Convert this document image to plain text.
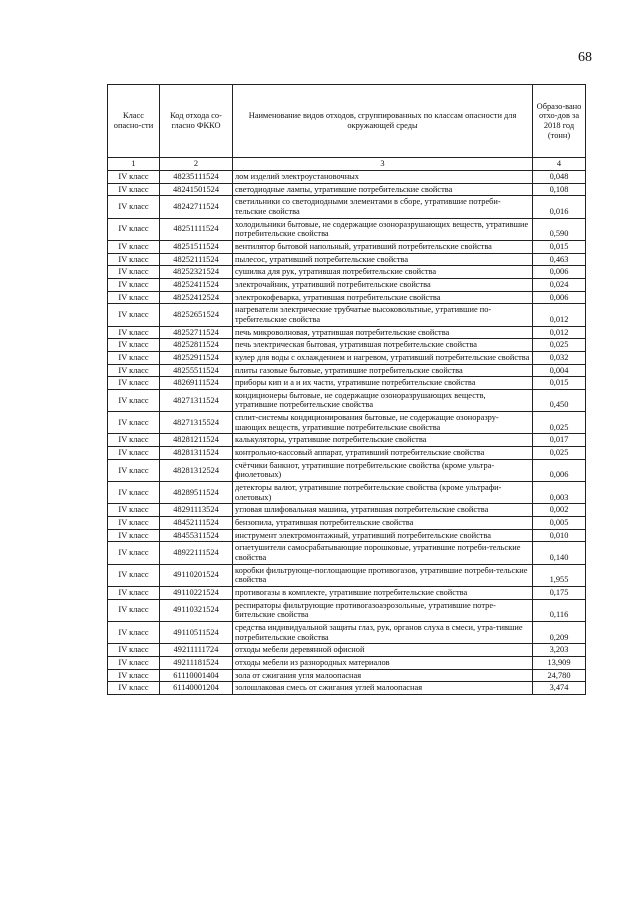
68
Класс опасно-сти	Код отхода со-гласно ФККО	Наименование видов отходов, сгруппированных по классам опасности для окружающей среды	Образо-вано отхо-дов за 2018 год (тонн)
1	2	3	4
IV класс	48235111524	лом изделий электроустановочных	0,048
IV класс	48241501524	светодиодные лампы, утратившие потребительские свойства	0,108
IV класс	48242711524	светильники со светодиодными элементами в сборе, утратившие потреби-тельские свойства	0,016
IV класс	48251111524	холодильники бытовые, не содержащие озоноразрушающих веществ, утратившие потребительские свойства	0,590
IV класс	48251511524	вентилятор бытовой напольный, утративший потребительские свойства	0,015
IV класс	48252111524	пылесос, утративший потребительские свойства	0,463
IV класс	48252321524	сушилка для рук, утратившая потребительские свойства	0,006
IV класс	48252411524	электрочайник, утративший потребительские свойства	0,024
IV класс	48252412524	электрокофеварка, утратившая потребительские свойства	0,006
IV класс	48252651524	нагреватели электрические трубчатые высоковольтные, утратившие по-требительские свойства	0,012
IV класс	48252711524	печь микроволновая, утратившая потребительские свойства	0,012
IV класс	48252811524	печь электрическая бытовая, утратившая потребительские свойства	0,025
IV класс	48252911524	кулер для воды с охлаждением и нагревом, утративший потребительские свойства	0,032
IV класс	48255511524	плиты газовые бытовые, утратившие потребительские свойства	0,004
IV класс	48269111524	приборы кип и а и их части, утратившие потребительские свойства	0,015
IV класс	48271311524	кондиционеры бытовые, не содержащие озоноразрушающих веществ, утратившие потребительские свойства	0,450
IV класс	48271315524	сплит-системы кондиционирования бытовые, не содержащие озоноразру-шающих веществ, утратившие потребительские свойства	0,025
IV класс	48281211524	калькуляторы, утратившие потребительские свойства	0,017
IV класс	48281311524	контрольно-кассовый аппарат, утративший потребительские свойства	0,025
IV класс	48281312524	счётчики банкнот, утратившие потребительские свойства (кроме ультра-фиолетовых)	0,006
IV класс	48289511524	детекторы валют, утратившие потребительские свойства (кроме ультрафи-олетовых)	0,003
IV класс	48291113524	угловая шлифовальная машина, утратившая потребительские свойства	0,002
IV класс	48452111524	бензопила, утратившая потребительские свойства	0,005
IV класс	48455311524	инструмент электромонтажный, утративший потребительские свойства	0,010
IV класс	48922111524	огнетушители самосрабатывающие порошковые, утратившие потреби-тельские свойства	0,140
IV класс	49110201524	коробки фильтрующе-поглощающие противогазов, утратившие потреби-тельские свойства	1,955
IV класс	49110221524	противогазы в комплекте, утратившие потребительские свойства	0,175
IV класс	49110321524	респираторы фильтрующие противогазоаэрозольные, утратившие потре-бительские свойства	0,116
IV класс	49110511524	средства индивидуальной защиты глаз, рук, органов слуха в смеси, утра-тившие потребительские свойства	0,209
IV класс	49211111724	отходы мебели деревянной офисной	3,203
IV класс	49211181524	отходы мебели из разнородных материалов	13,909
IV класс	61110001404	зола от сжигания угля малоопасная	24,780
IV класс	61140001204	золошлаковая смесь от сжигания углей малоопасная	3,474
